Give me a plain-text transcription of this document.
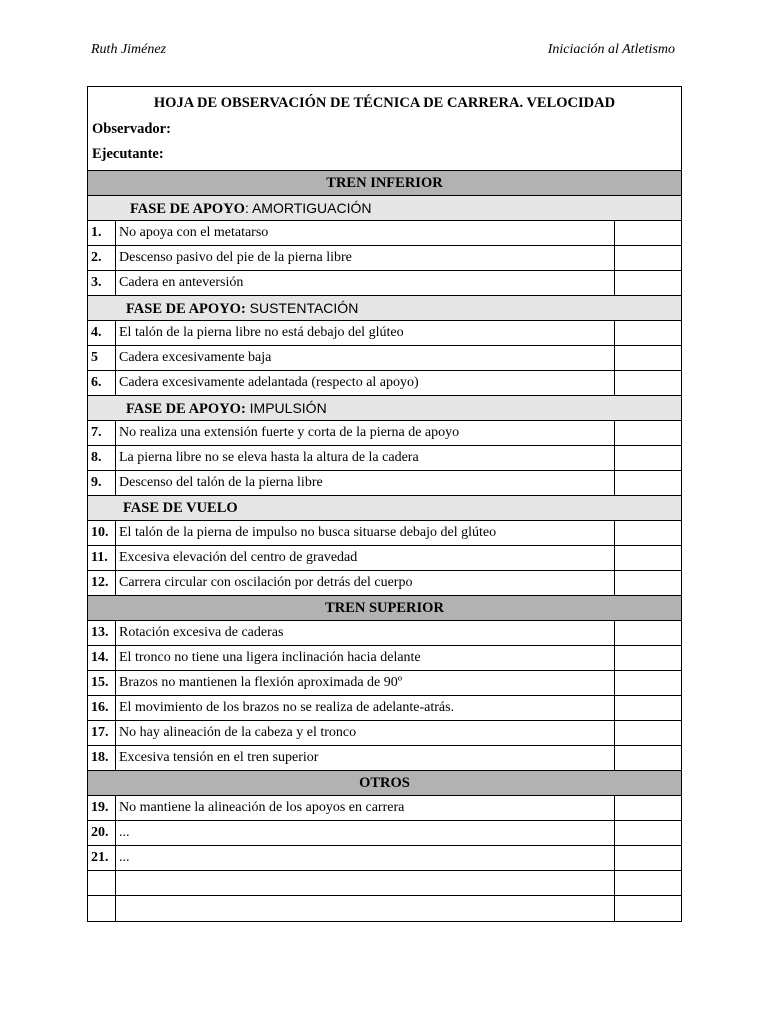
Ruth Jiménez	Iniciación al Atletismo
HOJA DE OBSERVACIÓN DE TÉCNICA DE CARRERA. VELOCIDAD
Observador:
Ejecutante:
TREN INFERIOR
FASE DE APOYO: AMORTIGUACIÓN
1.	No apoya con el metatarso
2.	Descenso pasivo del pie de la pierna libre
3.	Cadera en anteversión
FASE DE APOYO: SUSTENTACIÓN
4.	El talón de la pierna libre no está debajo del glúteo
5	Cadera excesivamente baja
6.	Cadera excesivamente adelantada (respecto al apoyo)
FASE DE APOYO: IMPULSIÓN
7.	No realiza una extensión fuerte y corta de la pierna de apoyo
8.	La pierna libre no se eleva hasta la altura de la cadera
9.	Descenso del talón de la pierna libre
FASE DE VUELO
10. El talón de la pierna de impulso no busca situarse debajo del glúteo
11. Excesiva elevación del centro de gravedad
12. Carrera circular con oscilación por detrás del cuerpo
TREN SUPERIOR
13. Rotación excesiva de caderas
14. El tronco no tiene una ligera inclinación hacia delante
15. Brazos no mantienen la flexión aproximada de 90º
16. El movimiento de los brazos no se realiza de adelante-atrás.
17. No hay alineación de la cabeza y el tronco
18. Excesiva tensión en el tren superior
OTROS
19. No mantiene la alineación de los apoyos en carrera
20. ...
21. ...
